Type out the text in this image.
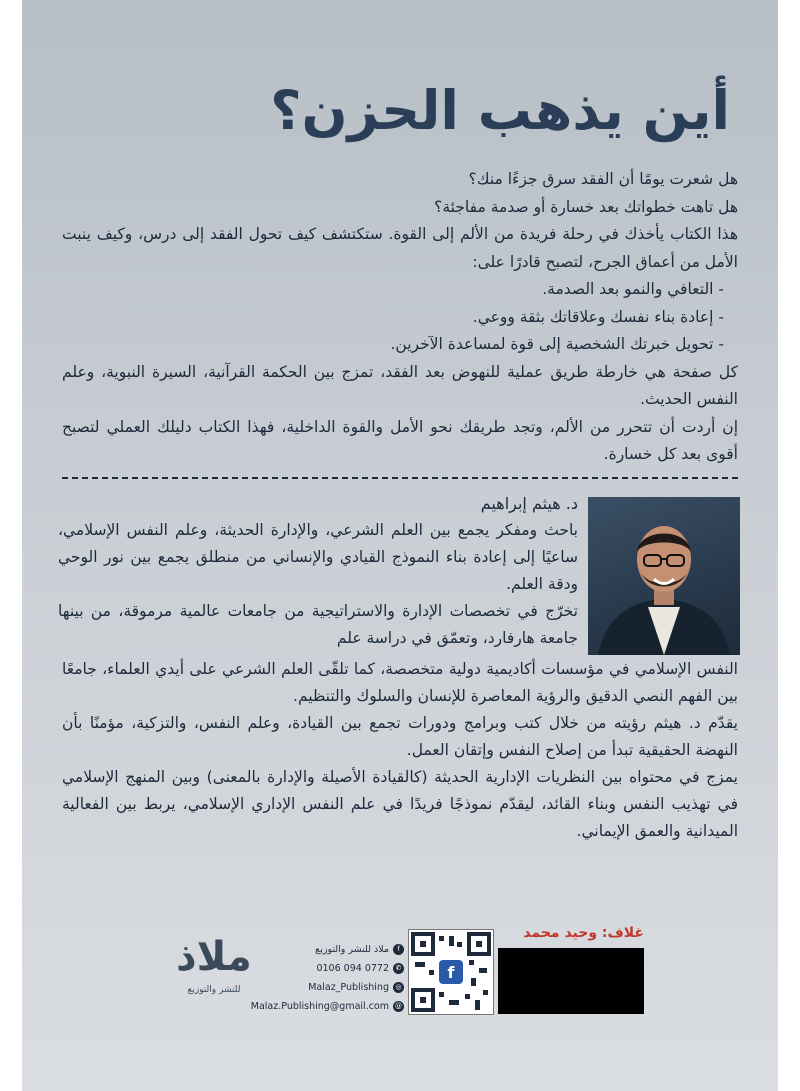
أين يذهب الحزن؟

هل شعرت يومًا أن الفقد سرق جزءًا منك؟

هل تاهت خطواتك بعد خسارة أو صدمة مفاجئة؟

هذا الكتاب يأخذك في رحلة فريدة من الألم إلى القوة. ستكتشف كيف تحول الفقد إلى درس، وكيف ينبت الأمل من أعماق الجرح، لتصبح قادرًا على:

- التعافي والنمو بعد الصدمة.
- إعادة بناء نفسك وعلاقاتك بثقة ووعي.
- تحويل خبرتك الشخصية إلى قوة لمساعدة الآخرين.

كل صفحة هي خارطة طريق عملية للنهوض بعد الفقد، تمزج بين الحكمة القرآنية، السيرة النبوية، وعلم النفس الحديث.

إن أردت أن تتحرر من الألم، وتجد طريقك نحو الأمل والقوة الداخلية، فهذا الكتاب دليلك العملي لتصبح أقوى بعد كل خسارة.

د. هيثم إبراهيم

باحث ومفكر يجمع بين العلم الشرعي، والإدارة الحديثة، وعلم النفس الإسلامي، ساعيًا إلى إعادة بناء النموذج القيادي والإنساني من منطلق يجمع بين نور الوحي ودقة العلم.

تخرّج في تخصصات الإدارة والاستراتيجية من جامعات عالمية مرموقة، من بينها جامعة هارفارد، وتعمّق في دراسة علم

النفس الإسلامي في مؤسسات أكاديمية دولية متخصصة، كما تلقّى العلم الشرعي على أيدي العلماء، جامعًا بين الفهم النصي الدقيق والرؤية المعاصرة للإنسان والسلوك والتنظيم.

يقدّم د. هيثم رؤيته من خلال كتب وبرامج ودورات تجمع بين القيادة، وعلم النفس، والتزكية، مؤمنًا بأن النهضة الحقيقية تبدأ من إصلاح النفس وإتقان العمل.

يمزج في محتواه بين النظريات الإدارية الحديثة (كالقيادة الأصيلة والإدارة بالمعنى) وبين المنهج الإسلامي في تهذيب النفس وبناء القائد، ليقدّم نموذجًا فريدًا في علم النفس الإداري الإسلامي، يربط بين الفعالية الميدانية والعمق الإيماني.

ملاذ
للنشر والتوزيع
f
ملاذ للنشر والتوزيع
✆
0106 094 0772
◎
Malaz_Publishing
@
Malaz.Publishing@gmail.com
f

غلاف: وحيد محمد
